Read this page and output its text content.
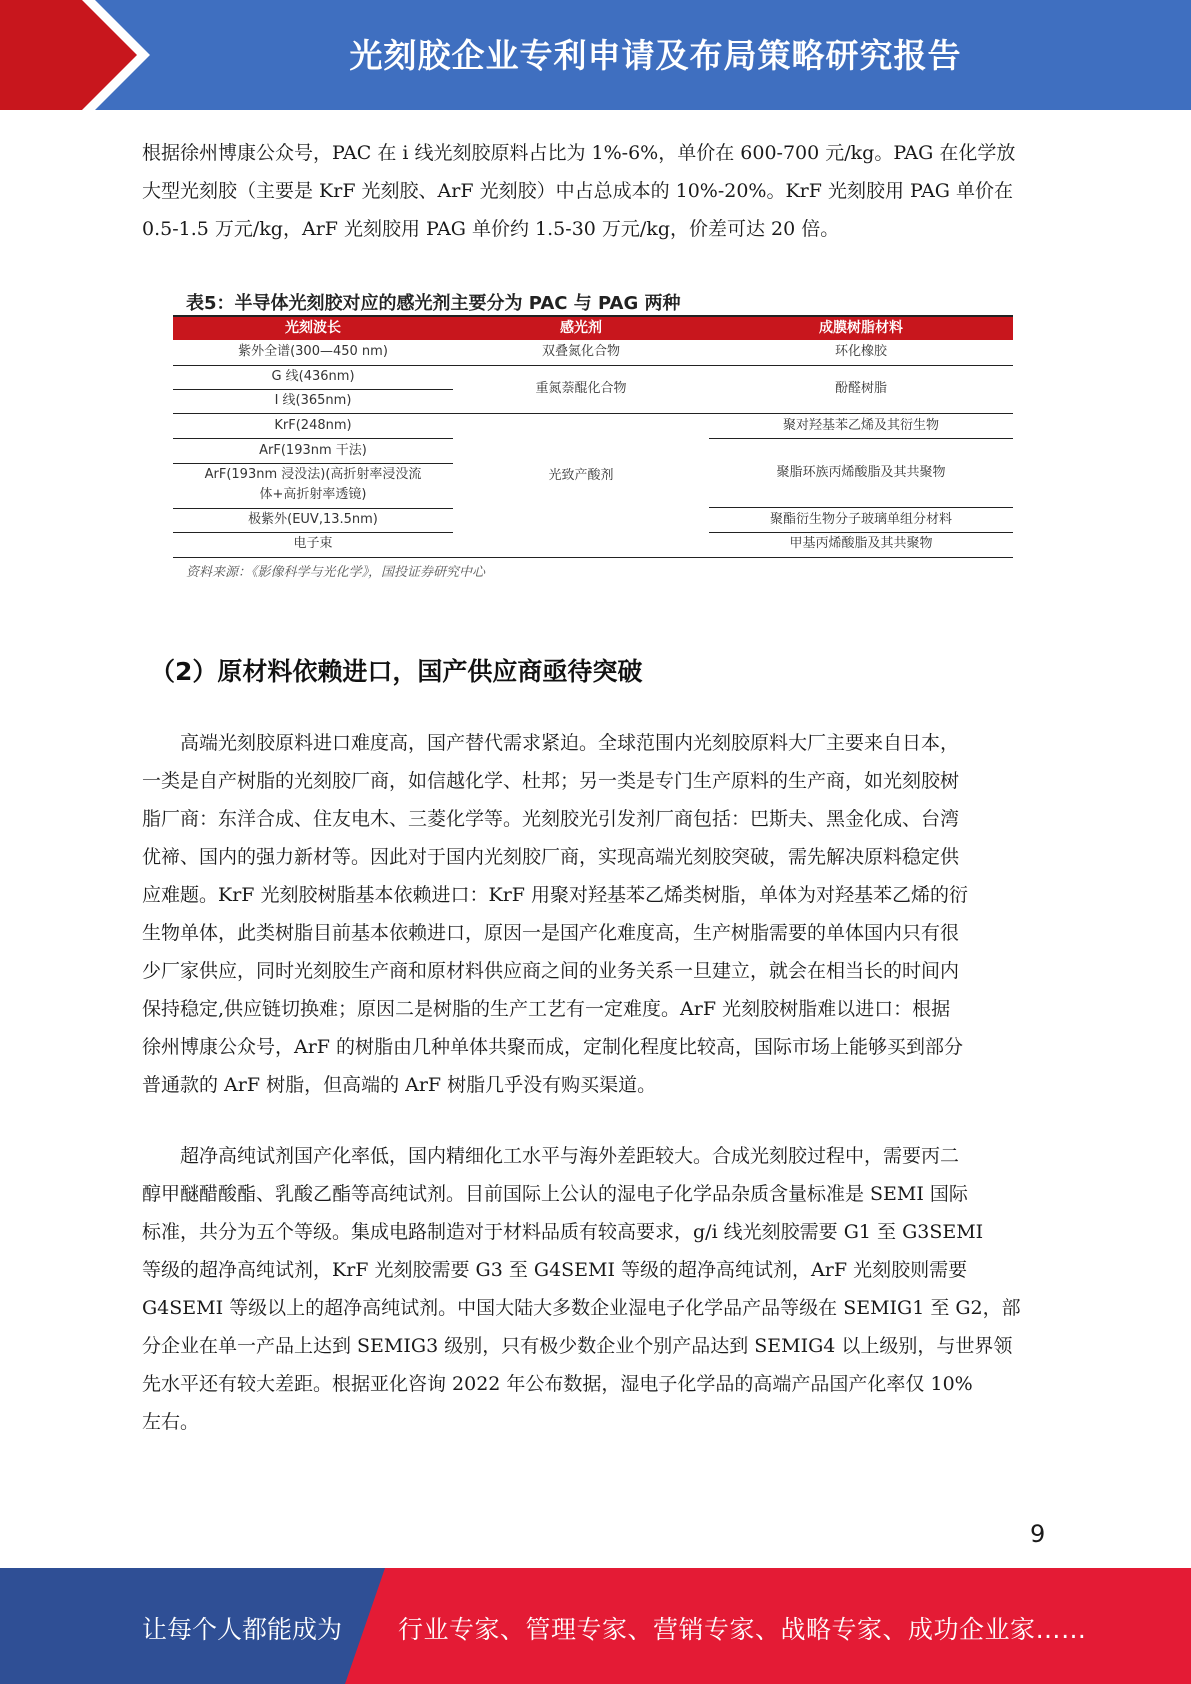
光刻胶企业专利申请及布局策略研究报告

根据徐州博康公众号，PAC 在 i 线光刻胶原料占比为 1%-6%，单价在 600-700 元/kg。PAG 在化学放
大型光刻胶（主要是 KrF 光刻胶、ArF 光刻胶）中占总成本的 10%-20%。KrF 光刻胶用 PAG 单价在
0.5-1.5 万元/kg，ArF 光刻胶用 PAG 单价约 1.5-30 万元/kg，价差可达 20 倍。

表5：半导体光刻胶对应的感光剂主要分为 PAC 与 PAG 两种
光刻波长	感光剂	成膜树脂材料
紫外全谱(300—450 nm)
G 线(436nm)
I 线(365nm)
KrF(248nm)
ArF(193nm 干法)
ArF(193nm 浸没法)(高折射率浸没流
体+高折射率透镜)
极紫外(EUV,13.5nm)
电子束
双叠氮化合物
重氮萘醌化合物
光致产酸剂
环化橡胶
酚醛树脂
聚对羟基苯乙烯及其衍生物
聚脂环族丙烯酸脂及其共聚物
聚酯衍生物分子玻璃单组分材料
甲基丙烯酸脂及其共聚物
资料来源：《影像科学与光化学》，国投证券研究中心
（2）原材料依赖进口，国产供应商亟待突破

　　高端光刻胶原料进口难度高，国产替代需求紧迫。全球范围内光刻胶原料大厂主要来自日本，
一类是自产树脂的光刻胶厂商，如信越化学、杜邦；另一类是专门生产原料的生产商，如光刻胶树
脂厂商：东洋合成、住友电木、三菱化学等。光刻胶光引发剂厂商包括：巴斯夫、黑金化成、台湾
优禘、国内的强力新材等。因此对于国内光刻胶厂商，实现高端光刻胶突破，需先解决原料稳定供
应难题。KrF 光刻胶树脂基本依赖进口：KrF 用聚对羟基苯乙烯类树脂，单体为对羟基苯乙烯的衍
生物单体，此类树脂目前基本依赖进口，原因一是国产化难度高，生产树脂需要的单体国内只有很
少厂家供应，同时光刻胶生产商和原材料供应商之间的业务关系一旦建立，就会在相当长的时间内
保持稳定,供应链切换难；原因二是树脂的生产工艺有一定难度。ArF 光刻胶树脂难以进口：根据
徐州博康公众号，ArF 的树脂由几种单体共聚而成，定制化程度比较高，国际市场上能够买到部分
普通款的 ArF 树脂，但高端的 ArF 树脂几乎没有购买渠道。

　　超净高纯试剂国产化率低，国内精细化工水平与海外差距较大。合成光刻胶过程中，需要丙二
醇甲醚醋酸酯、乳酸乙酯等高纯试剂。目前国际上公认的湿电子化学品杂质含量标准是 SEMI 国际
标准，共分为五个等级。集成电路制造对于材料品质有较高要求，g/i 线光刻胶需要 G1 至 G3SEMI
等级的超净高纯试剂，KrF 光刻胶需要 G3 至 G4SEMI 等级的超净高纯试剂，ArF 光刻胶则需要
G4SEMI 等级以上的超净高纯试剂。中国大陆大多数企业湿电子化学品产品等级在 SEMIG1 至 G2，部
分企业在单一产品上达到 SEMIG3 级别，只有极少数企业个别产品达到 SEMIG4 以上级别，与世界领
先水平还有较大差距。根据亚化咨询 2022 年公布数据，湿电子化学品的高端产品国产化率仅 10%
左右。

9
让每个人都能成为 行业专家、管理专家、营销专家、战略专家、成功企业家……
